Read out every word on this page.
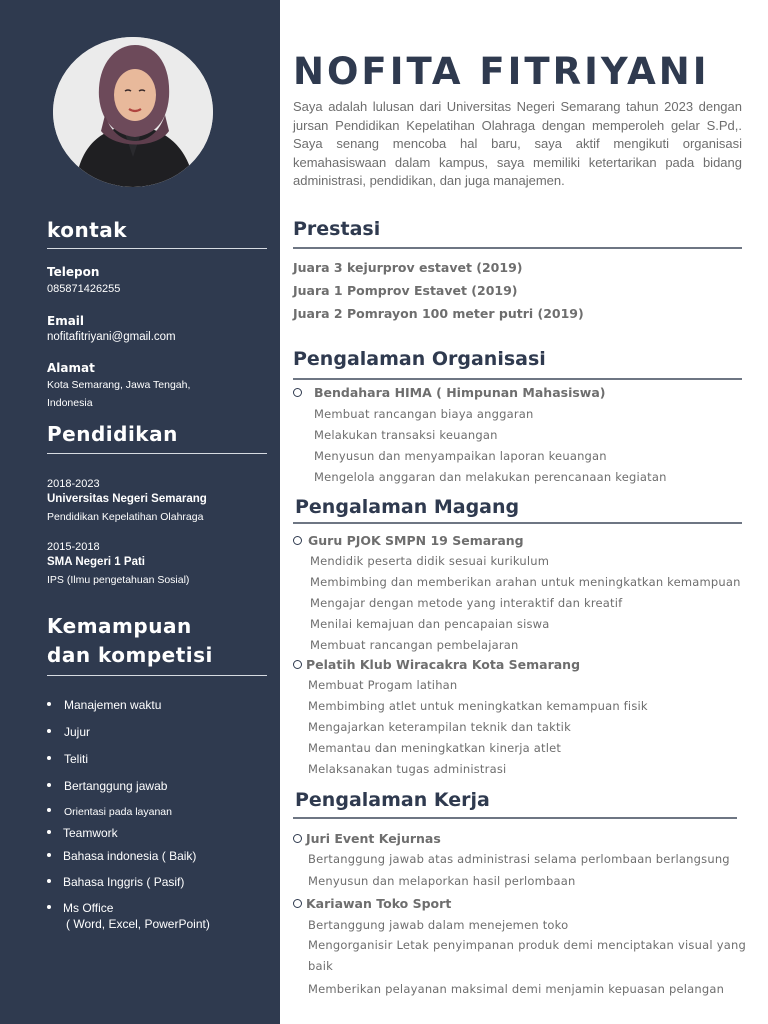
kontak
Telepon
085871426255
Email
nofitafitriyani@gmail.com
Alamat
Kota Semarang, Jawa Tengah, Indonesia
Pendidikan
2018-2023
Universitas Negeri Semarang
Pendidikan Kepelatihan Olahraga
2015-2018
SMA Negeri 1 Pati
IPS (Ilmu pengetahuan Sosial)
Kemampuan
dan kompetisi
Manajemen waktu
Jujur
Teliti
Bertanggung jawab
Orientasi pada layanan
Teamwork
Bahasa indonesia ( Baik)
Bahasa Inggris ( Pasif)
Ms Office
( Word, Excel, PowerPoint)
NOFITA FITRIYANI
Saya adalah lulusan dari Universitas Negeri Semarang tahun 2023 dengan jursan Pendidikan Kepelatihan Olahraga dengan memperoleh gelar S.Pd,. Saya senang mencoba hal baru, saya aktif mengikuti organisasi kemahasiswaan dalam kampus, saya memiliki ketertarikan pada bidang administrasi, pendidikan, dan juga manajemen.
Prestasi
Juara 3 kejurprov estavet (2019)
Juara 1 Pomprov Estavet (2019)
Juara 2 Pomrayon 100 meter putri (2019)
Pengalaman Organisasi
Bendahara HIMA ( Himpunan Mahasiswa)
Membuat rancangan biaya anggaran
Melakukan transaksi keuangan
Menyusun dan menyampaikan laporan keuangan
Mengelola anggaran dan melakukan perencanaan kegiatan
Pengalaman Magang
Guru PJOK SMPN 19 Semarang
Mendidik peserta didik sesuai kurikulum
Membimbing dan memberikan arahan untuk meningkatkan kemampuan
Mengajar dengan metode yang interaktif dan kreatif
Menilai kemajuan dan pencapaian siswa
Membuat rancangan pembelajaran
Pelatih Klub Wiracakra Kota Semarang
Membuat Progam latihan
Membimbing atlet untuk meningkatkan kemampuan fisik
Mengajarkan keterampilan teknik dan taktik
Memantau dan meningkatkan kinerja atlet
Melaksanakan tugas administrasi
Pengalaman Kerja
Juri Event Kejurnas
Bertanggung jawab atas administrasi selama perlombaan berlangsung
Menyusun dan melaporkan hasil perlombaan
Kariawan Toko Sport
Bertanggung jawab dalam menejemen toko
Mengorganisir Letak penyimpanan produk demi menciptakan visual yang baik
Memberikan pelayanan maksimal demi menjamin kepuasan pelangan
